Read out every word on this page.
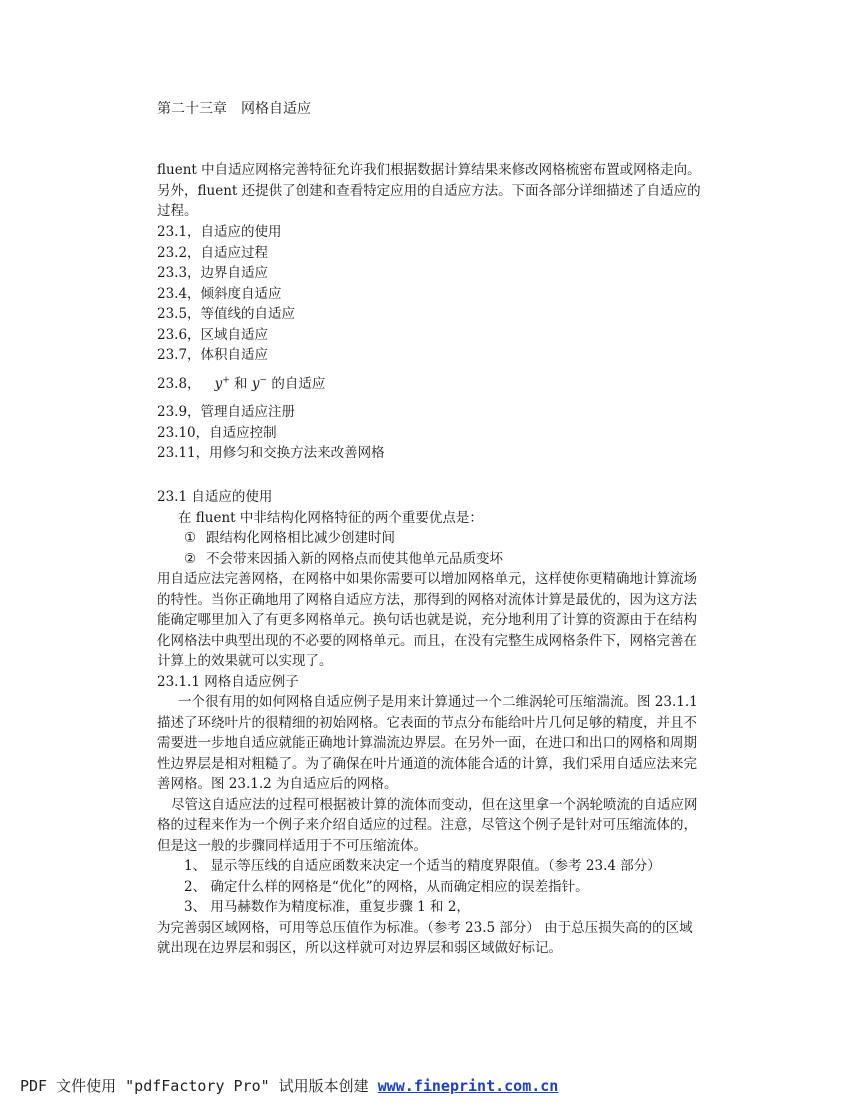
第二十三章　网格自适应

fluent 中自适应网格完善特征允许我们根据数据计算结果来修改网格梳密布置或网格走向。

另外，fluent 还提供了创建和查看特定应用的自适应方法。下面各部分详细描述了自适应的

过程。

23.1，自适应的使用
23.2，自适应过程
23.3，边界自适应
23.4，倾斜度自适应
23.5，等值线的自适应
23.6，区域自适应
23.7，体积自适应
23.8， y+ 和 y− 的自适应
23.9，管理自适应注册
23.10，自适应控制
23.11，用修匀和交换方法来改善网格

23.1 自适应的使用

在 fluent 中非结构化网格特征的两个重要优点是：

① 跟结构化网格相比减少创建时间

② 不会带来因插入新的网格点而使其他单元品质变坏

用自适应法完善网格，在网格中如果你需要可以增加网格单元，这样使你更精确地计算流场

的特性。当你正确地用了网格自适应方法，那得到的网格对流体计算是最优的，因为这方法

能确定哪里加入了有更多网格单元。换句话也就是说，充分地利用了计算的资源由于在结构

化网格法中典型出现的不必要的网格单元。而且，在没有完整生成网格条件下，网格完善在

计算上的效果就可以实现了。

23.1.1 网格自适应例子

一个很有用的如何网格自适应例子是用来计算通过一个二维涡轮可压缩湍流。图 23.1.1

描述了环绕叶片的很精细的初始网格。它表面的节点分布能给叶片几何足够的精度，并且不

需要进一步地自适应就能正确地计算湍流边界层。在另外一面，在进口和出口的网格和周期

性边界层是相对粗糙了。为了确保在叶片通道的流体能合适的计算，我们采用自适应法来完

善网格。图 23.1.2 为自适应后的网格。

尽管这自适应法的过程可根据被计算的流体而变动，但在这里拿一个涡轮喷流的自适应网

格的过程来作为一个例子来介绍自适应的过程。注意，尽管这个例子是针对可压缩流体的，

但是这一般的步骤同样适用于不可压缩流体。

1、 显示等压线的自适应函数来决定一个适当的精度界限值。（参考 23.4 部分）

2、 确定什么样的网格是“优化”的网格，从而确定相应的误差指针。

3、 用马赫数作为精度标准，重复步骤 1 和 2，

为完善弱区域网格，可用等总压值作为标准。（参考 23.5 部分） 由于总压损失高的的区域

就出现在边界层和弱区，所以这样就可对边界层和弱区域做好标记。

PDF 文件使用 "pdfFactory Pro" 试用版本创建 www.fineprint.com.cn
